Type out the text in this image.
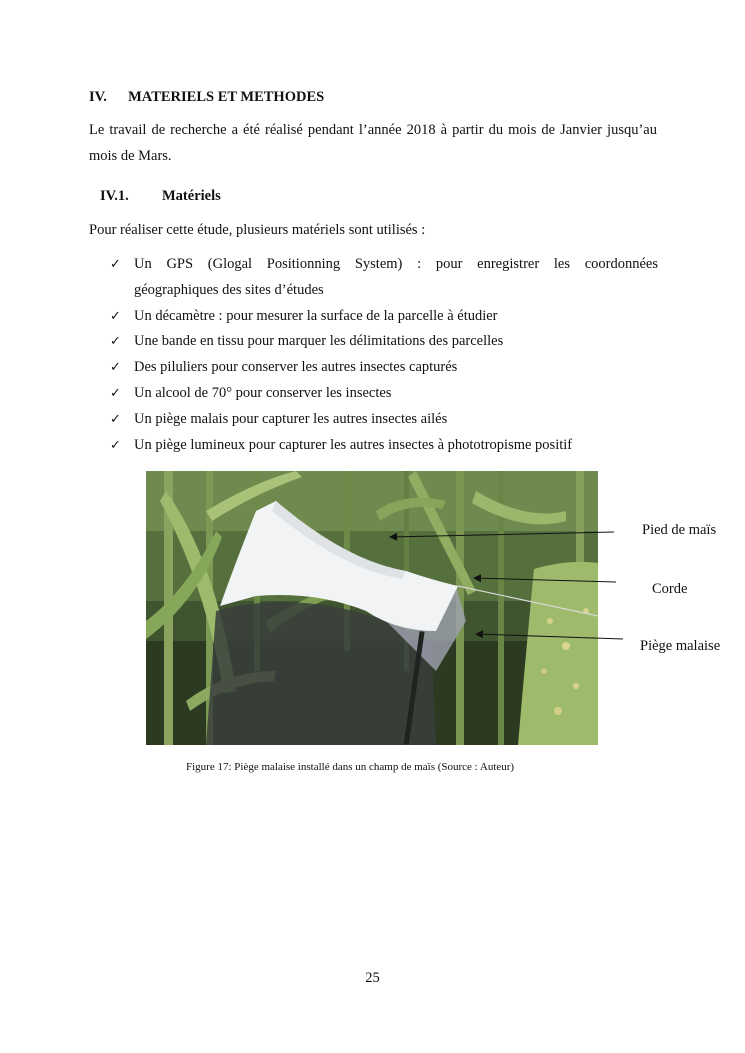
IV. MATERIELS ET METHODES
Le travail de recherche a été réalisé pendant l’année 2018 à partir du mois de Janvier jusqu’au mois de Mars.
IV.1. Matériels
Pour réaliser cette étude, plusieurs matériels sont utilisés :
✓ Un GPS (Glogal Positionning System) : pour enregistrer les coordonnées
géographiques des sites d’études
✓ Un décamètre : pour mesurer la surface de la parcelle à étudier
✓ Une bande en tissu pour marquer les délimitations des parcelles
✓ Des piluliers pour conserver les autres insectes capturés
✓ Un alcool de 70° pour conserver les insectes
✓ Un piège malais pour capturer les autres insectes ailés
✓ Un piège lumineux pour capturer les autres insectes à phototropisme positif
Pied de maïs
Corde
Piège malaise
Figure 17: Piège malaise installé dans un champ de maïs (Source : Auteur)
25
